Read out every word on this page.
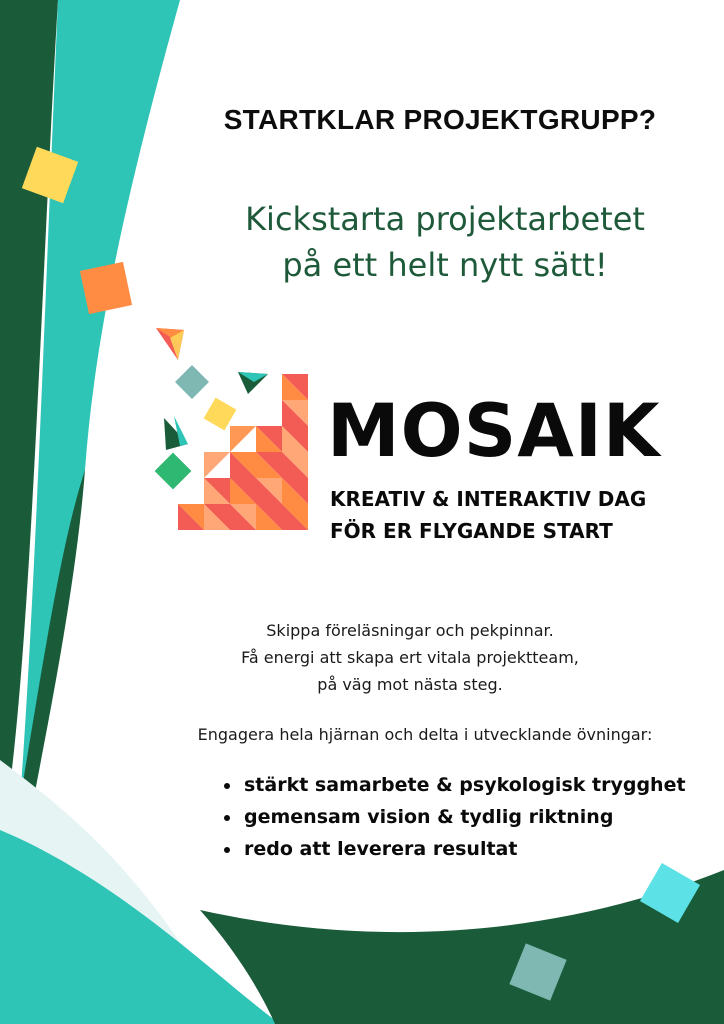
STARTKLAR PROJEKTGRUPP?
Kickstarta projektarbetet
på ett helt nytt sätt!
MOSAIK
KREATIV & INTERAKTIV DAG
FÖR ER FLYGANDE START
Skippa föreläsningar och pekpinnar.
Få energi att skapa ert vitala projektteam,
på väg mot nästa steg.
Engagera hela hjärnan och delta i utvecklande övningar:
• stärkt samarbete & psykologisk trygghet
• gemensam vision & tydlig riktning
• redo att leverera resultat
